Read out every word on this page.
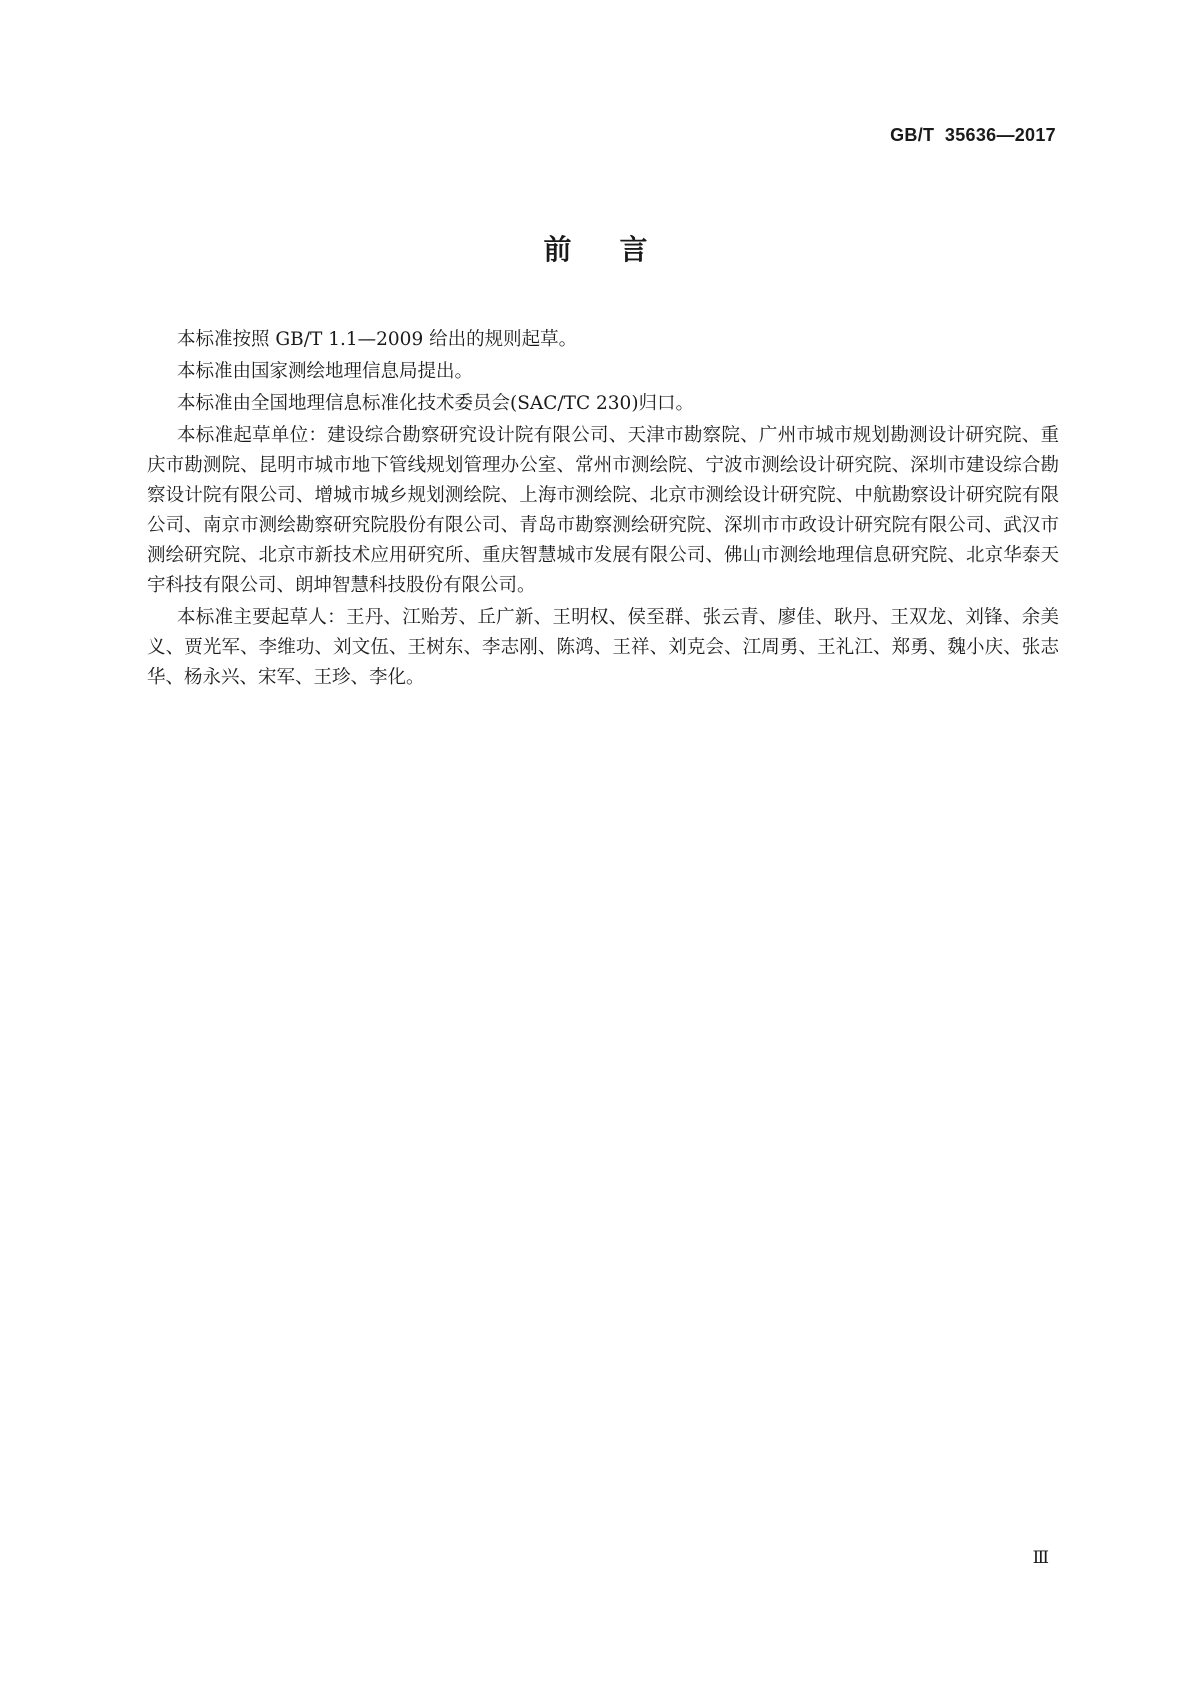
GB/T  35636—2017
前言

本标准按照 GB/T 1.1—2009 给出的规则起草。

本标准由国家测绘地理信息局提出。

本标准由全国地理信息标准化技术委员会(SAC/TC 230)归口。

本标准起草单位：建设综合勘察研究设计院有限公司、天津市勘察院、广州市城市规划勘测设计研究院、重庆市勘测院、昆明市城市地下管线规划管理办公室、常州市测绘院、宁波市测绘设计研究院、深圳市建设综合勘察设计院有限公司、增城市城乡规划测绘院、上海市测绘院、北京市测绘设计研究院、中航勘察设计研究院有限公司、南京市测绘勘察研究院股份有限公司、青岛市勘察测绘研究院、深圳市市政设计研究院有限公司、武汉市测绘研究院、北京市新技术应用研究所、重庆智慧城市发展有限公司、佛山市测绘地理信息研究院、北京华泰天宇科技有限公司、朗坤智慧科技股份有限公司。

本标准主要起草人：王丹、江贻芳、丘广新、王明权、侯至群、张云青、廖佳、耿丹、王双龙、刘锋、余美义、贾光军、李维功、刘文伍、王树东、李志刚、陈鸿、王祥、刘克会、江周勇、王礼江、郑勇、魏小庆、张志华、杨永兴、宋军、王珍、李化。

Ⅲ
